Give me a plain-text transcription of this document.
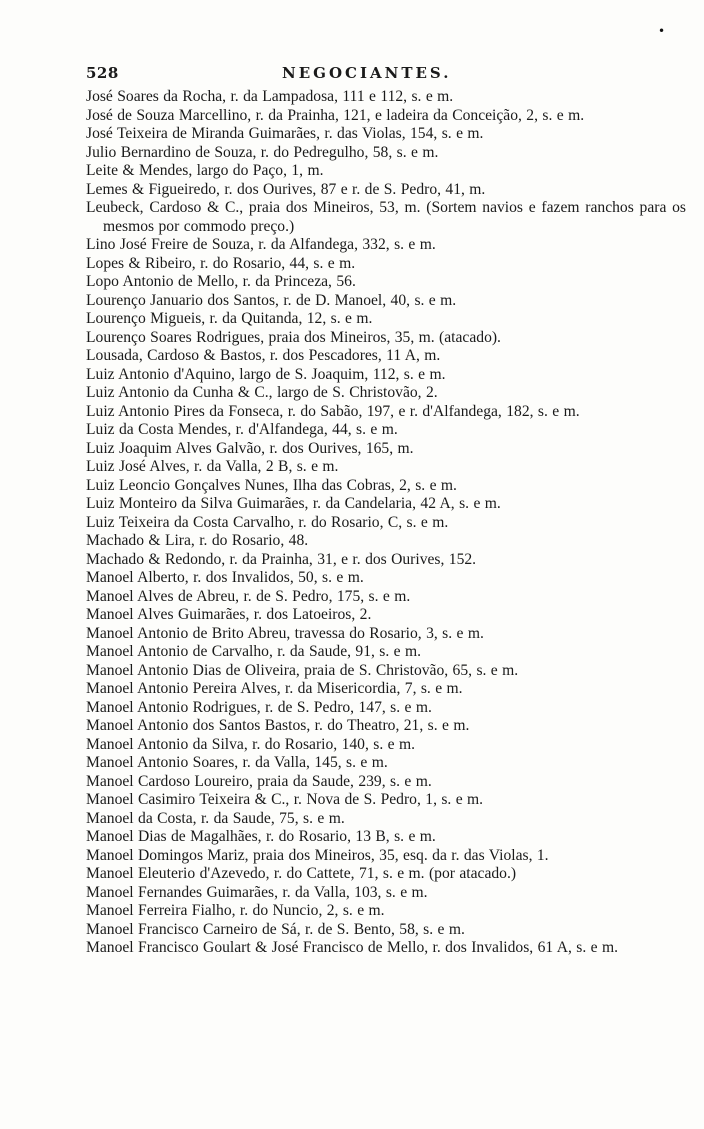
•
528	NEGOCIANTES.
José Soares da Rocha, r. da Lampadosa, 111 e 112, s. e m.
José de Souza Marcellino, r. da Prainha, 121, e ladeira da Conceição, 2, s. e m.
José Teixeira de Miranda Guimarães, r. das Violas, 154, s. e m.
Julio Bernardino de Souza, r. do Pedregulho, 58, s. e m.
Leite & Mendes, largo do Paço, 1, m.
Lemes & Figueiredo, r. dos Ourives, 87 e r. de S. Pedro, 41, m.
Leubeck, Cardoso & C., praia dos Mineiros, 53, m. (Sortem navios e fazem ranchos para os mesmos por commodo preço.)
Lino José Freire de Souza, r. da Alfandega, 332, s. e m.
Lopes & Ribeiro, r. do Rosario, 44, s. e m.
Lopo Antonio de Mello, r. da Princeza, 56.
Lourenço Januario dos Santos, r. de D. Manoel, 40, s. e m.
Lourenço Migueis, r. da Quitanda, 12, s. e m.
Lourenço Soares Rodrigues, praia dos Mineiros, 35, m. (atacado).
Lousada, Cardoso & Bastos, r. dos Pescadores, 11 A, m.
Luiz Antonio d'Aquino, largo de S. Joaquim, 112, s. e m.
Luiz Antonio da Cunha & C., largo de S. Christovão, 2.
Luiz Antonio Pires da Fonseca, r. do Sabão, 197, e r. d'Alfandega, 182, s. e m.
Luiz da Costa Mendes, r. d'Alfandega, 44, s. e m.
Luiz Joaquim Alves Galvão, r. dos Ourives, 165, m.
Luiz José Alves, r. da Valla, 2 B, s. e m.
Luiz Leoncio Gonçalves Nunes, Ilha das Cobras, 2, s. e m.
Luiz Monteiro da Silva Guimarães, r. da Candelaria, 42 A, s. e m.
Luiz Teixeira da Costa Carvalho, r. do Rosario, C, s. e m.
Machado & Lira, r. do Rosario, 48.
Machado & Redondo, r. da Prainha, 31, e r. dos Ourives, 152.
Manoel Alberto, r. dos Invalidos, 50, s. e m.
Manoel Alves de Abreu, r. de S. Pedro, 175, s. e m.
Manoel Alves Guimarães, r. dos Latoeiros, 2.
Manoel Antonio de Brito Abreu, travessa do Rosario, 3, s. e m.
Manoel Antonio de Carvalho, r. da Saude, 91, s. e m.
Manoel Antonio Dias de Oliveira, praia de S. Christovão, 65, s. e m.
Manoel Antonio Pereira Alves, r. da Misericordia, 7, s. e m.
Manoel Antonio Rodrigues, r. de S. Pedro, 147, s. e m.
Manoel Antonio dos Santos Bastos, r. do Theatro, 21, s. e m.
Manoel Antonio da Silva, r. do Rosario, 140, s. e m.
Manoel Antonio Soares, r. da Valla, 145, s. e m.
Manoel Cardoso Loureiro, praia da Saude, 239, s. e m.
Manoel Casimiro Teixeira & C., r. Nova de S. Pedro, 1, s. e m.
Manoel da Costa, r. da Saude, 75, s. e m.
Manoel Dias de Magalhães, r. do Rosario, 13 B, s. e m.
Manoel Domingos Mariz, praia dos Mineiros, 35, esq. da r. das Violas, 1.
Manoel Eleuterio d'Azevedo, r. do Cattete, 71, s. e m. (por atacado.)
Manoel Fernandes Guimarães, r. da Valla, 103, s. e m.
Manoel Ferreira Fialho, r. do Nuncio, 2, s. e m.
Manoel Francisco Carneiro de Sá, r. de S. Bento, 58, s. e m.
Manoel Francisco Goulart & José Francisco de Mello, r. dos Invalidos, 61 A, s. e m.
